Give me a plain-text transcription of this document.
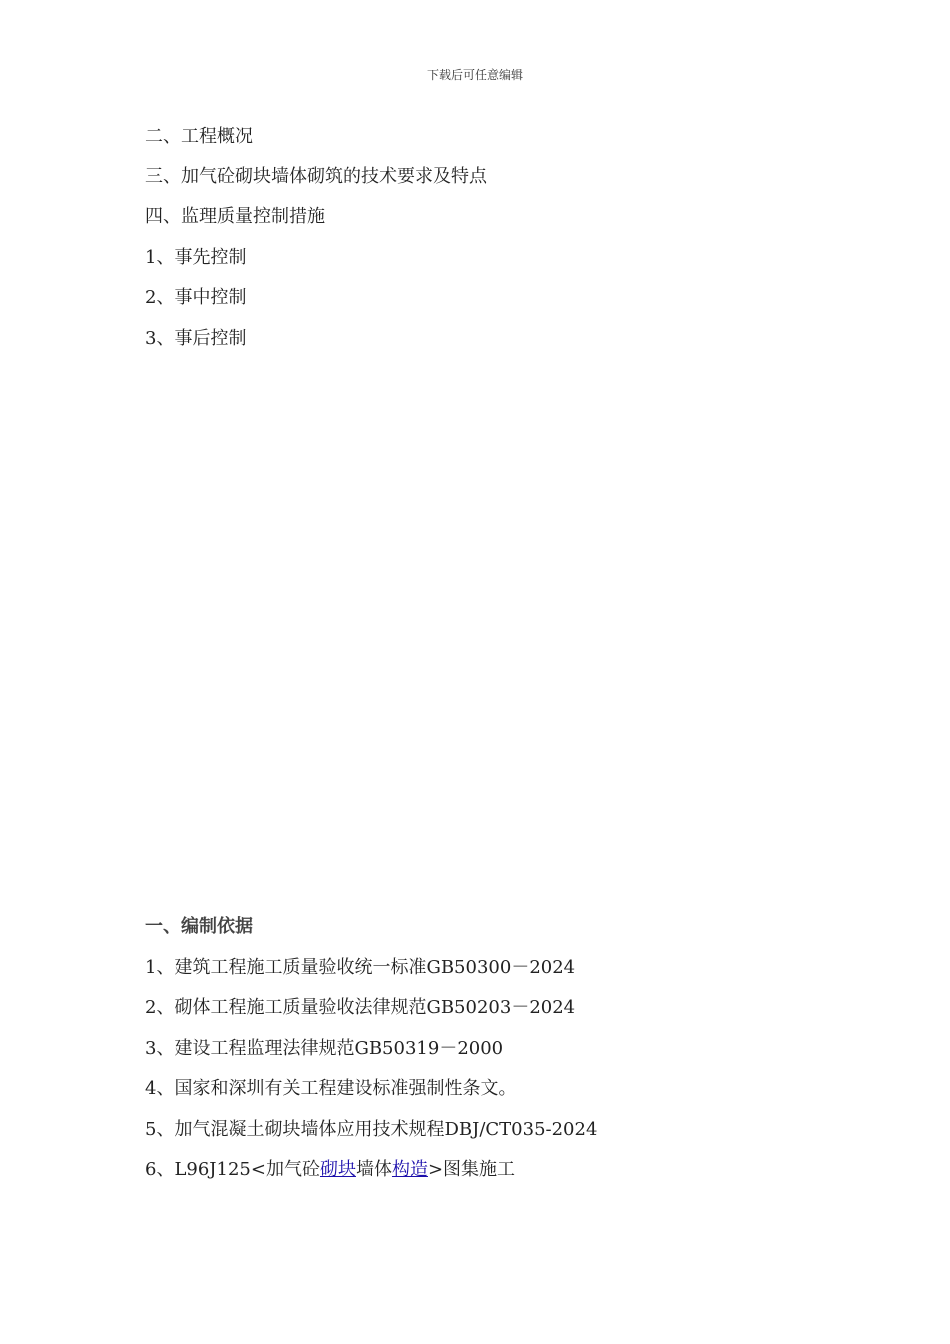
下载后可任意编辑
二、工程概况
三、加气砼砌块墙体砌筑的技术要求及特点
四、监理质量控制措施
1、事先控制
2、事中控制
3、事后控制
一、编制依据
1、建筑工程施工质量验收统一标准GB50300－2024
2、砌体工程施工质量验收法律规范GB50203－2024
3、建设工程监理法律规范GB50319－2000
4、国家和深圳有关工程建设标准强制性条文。
5、加气混凝土砌块墙体应用技术规程DBJ/CT035-2024
6、L96J125<加气砼砌块墙体构造>图集施工
